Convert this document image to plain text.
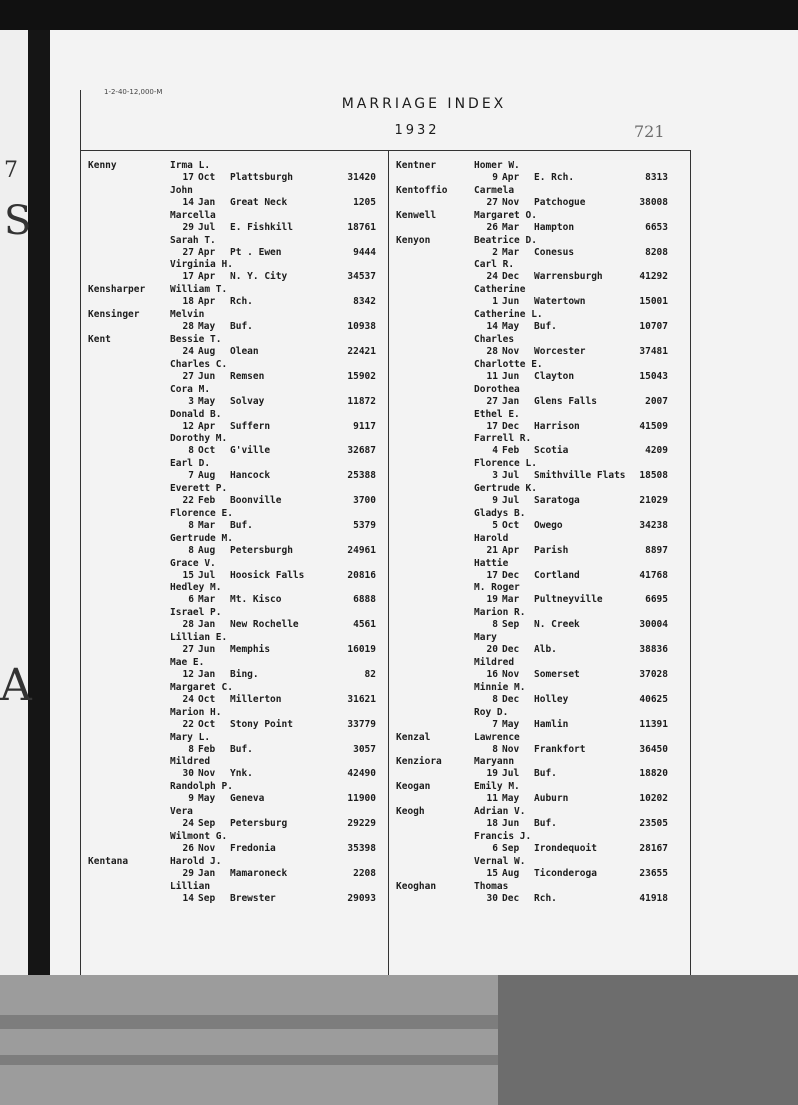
7
S
A
1-2-40-12,000-M
MARRIAGE INDEX
1932	721
Kenny	Irma L.
17 Oct Plattsburgh	31420
John
14 Jan Great Neck	1205
Marcella
29 Jul E. Fishkill	18761
Sarah T.
27 Apr Pt . Ewen	9444
Virginia H.
17 Apr N. Y. City	34537
Kensharper	William T.
18 Apr Rch.	8342
Kensinger	Melvin
28 May Buf.	10938
Kent	Bessie T.
24 Aug Olean	22421
Charles C.
27 Jun Remsen	15902
Cora M.
3 May Solvay	11872
Donald B.
12 Apr Suffern	9117
Dorothy M.
8 Oct G'ville	32687
Earl D.
7 Aug Hancock	25388
Everett P.
22 Feb Boonville	3700
Florence E.
8 Mar Buf.	5379
Gertrude M.
8 Aug Petersburgh	24961
Grace V.
15 Jul Hoosick Falls	20816
Hedley M.
6 Mar Mt. Kisco	6888
Israel P.
28 Jan New Rochelle	4561
Lillian E.
27 Jun Memphis	16019
Mae E.
12 Jan Bing.	82
Margaret C.
24 Oct Millerton	31621
Marion H.
22 Oct Stony Point	33779
Mary L.
8 Feb Buf.	3057
Mildred
30 Nov Ynk.	42490
Randolph P.
9 May Geneva	11900
Vera
24 Sep Petersburg	29229
Wilmont G.
26 Nov Fredonia	35398
Kentana	Harold J.
29 Jan Mamaroneck	2208
Lillian
14 Sep Brewster	29093
Kentner	Homer W.
9 Apr E. Rch.	8313
Kentoffio	Carmela
27 Nov Patchogue	38008
Kenwell	Margaret O.
26 Mar Hampton	6653
Kenyon	Beatrice D.
2 Mar Conesus	8208
Carl R.
24 Dec Warrensburgh	41292
Catherine
1 Jun Watertown	15001
Catherine L.
14 May Buf.	10707
Charles
28 Nov Worcester	37481
Charlotte E.
11 Jun Clayton	15043
Dorothea
27 Jan Glens Falls	2007
Ethel E.
17 Dec Harrison	41509
Farrell R.
4 Feb Scotia	4209
Florence L.
3 Jul Smithville Flats 18508
Gertrude K.
9 Jul Saratoga	21029
Gladys B.
5 Oct Owego	34238
Harold
21 Apr Parish	8897
Hattie
17 Dec Cortland	41768
M. Roger
19 Mar Pultneyville	6695
Marion R.
8 Sep N. Creek	30004
Mary
20 Dec Alb.	38836
Mildred
16 Nov Somerset	37028
Minnie M.
8 Dec Holley	40625
Roy D.
7 May Hamlin	11391
Kenzal	Lawrence
8 Nov Frankfort	36450
Kenziora	Maryann
19 Jul Buf.	18820
Keogan	Emily M.
11 May Auburn	10202
Keogh	Adrian V.
18 Jun Buf.	23505
Francis J.
6 Sep Irondequoit	28167
Vernal W.
15 Aug Ticonderoga	23655
Keoghan	Thomas
30 Dec Rch.	41918
